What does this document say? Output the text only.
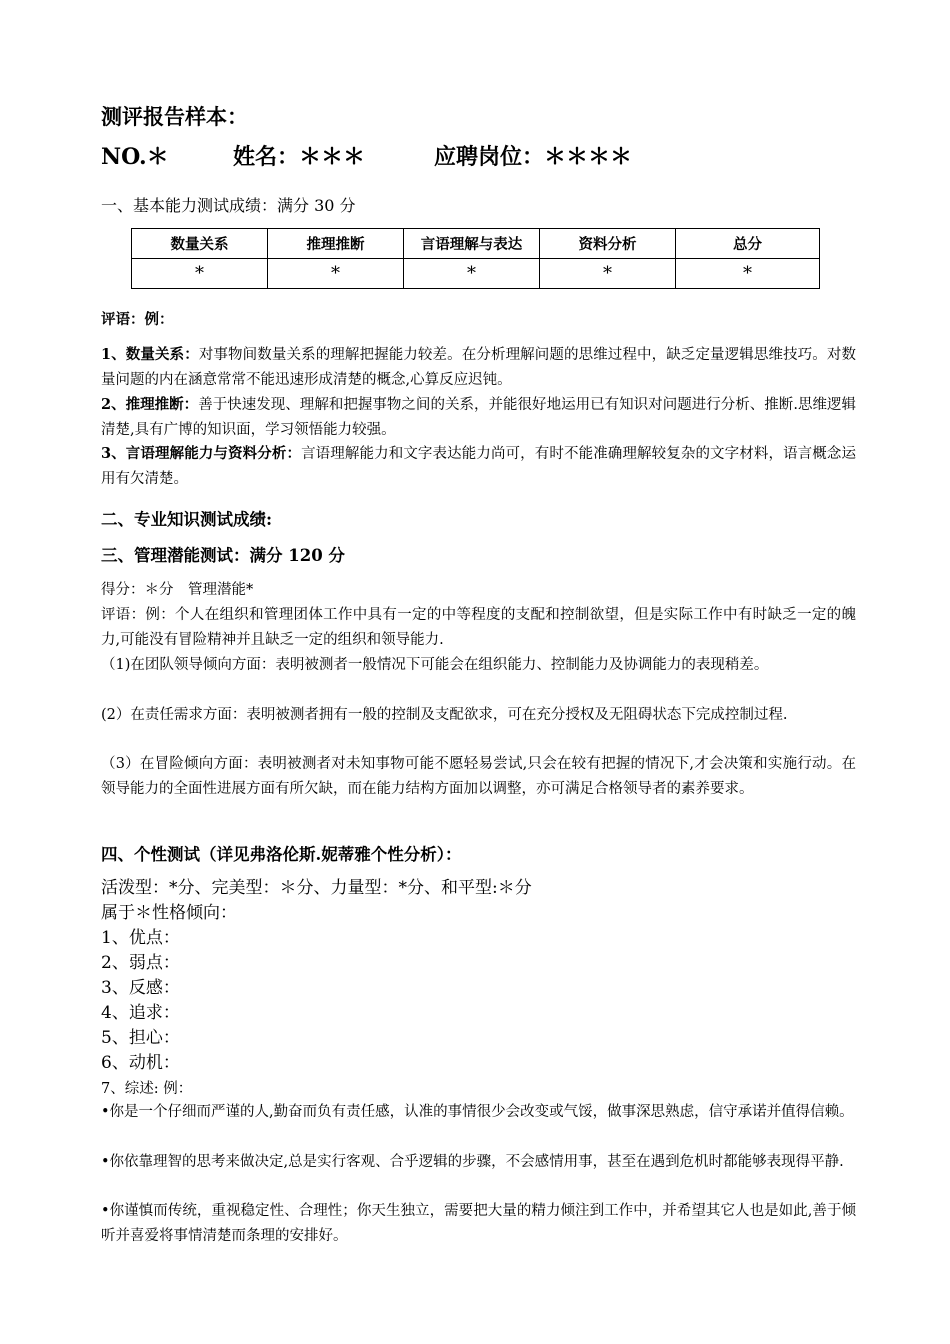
测评报告样本：
NO.＊	姓名：＊＊＊	应聘岗位：＊＊＊＊
一、基本能力测试成绩：满分 30 分
数量关系	推理推断	言语理解与表达	资料分析	总分
*	*	*	*	*
评语：例：
1、数量关系：对事物间数量关系的理解把握能力较差。在分析理解问题的思维过程中，缺乏定量逻辑思维技巧。对数量问题的内在涵意常常不能迅速形成清楚的概念,心算反应迟钝。
2、推理推断：善于快速发现、理解和把握事物之间的关系，并能很好地运用已有知识对问题进行分析、推断.思维逻辑清楚,具有广博的知识面，学习领悟能力较强。
3、言语理解能力与资料分析：言语理解能力和文字表达能力尚可，有时不能准确理解较复杂的文字材料，语言概念运用有欠清楚。
二、专业知识测试成绩:
三、管理潜能测试：满分 120 分
得分：＊分　管理潜能*
评语：例：个人在组织和管理团体工作中具有一定的中等程度的支配和控制欲望，但是实际工作中有时缺乏一定的魄力,可能没有冒险精神并且缺乏一定的组织和领导能力.
（1)在团队领导倾向方面：表明被测者一般情况下可能会在组织能力、控制能力及协调能力的表现稍差。
(2）在责任需求方面：表明被测者拥有一般的控制及支配欲求，可在充分授权及无阻碍状态下完成控制过程.
（3）在冒险倾向方面：表明被测者对未知事物可能不愿轻易尝试,只会在较有把握的情况下,才会决策和实施行动。在领导能力的全面性进展方面有所欠缺，而在能力结构方面加以调整，亦可满足合格领导者的素养要求。
四、个性测试（详见弗洛伦斯.妮蒂雅个性分析）：
活泼型：*分、完美型：＊分、力量型：*分、和平型:＊分
属于＊性格倾向：
1、优点：
2、弱点：
3、反感：
4、追求：
5、担心：
6、动机：
7、综述: 例：
•你是一个仔细而严谨的人,勤奋而负有责任感，认准的事情很少会改变或气馁，做事深思熟虑，信守承诺并值得信赖。
•你依靠理智的思考来做决定,总是实行客观、合乎逻辑的步骤，不会感情用事，甚至在遇到危机时都能够表现得平静.
•你谨慎而传统，重视稳定性、合理性；你天生独立，需要把大量的精力倾注到工作中，并希望其它人也是如此,善于倾听并喜爱将事情清楚而条理的安排好。
